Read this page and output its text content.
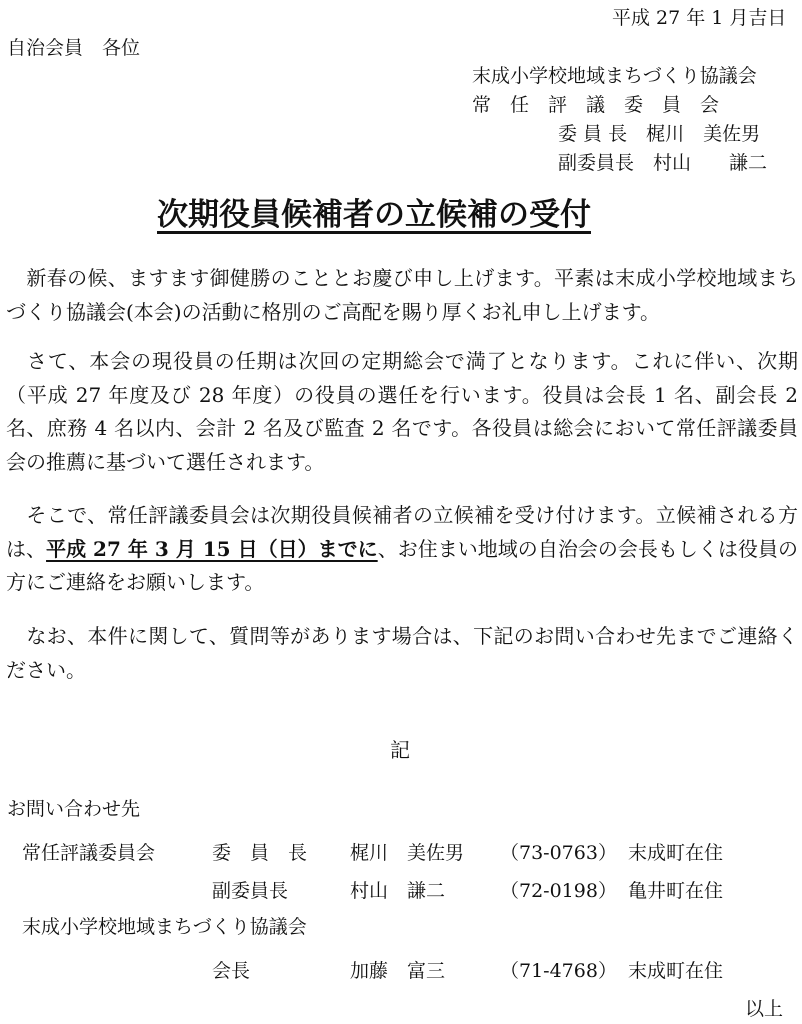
平成 27 年 1 月吉日
自治会員　各位
末成小学校地域まちづくり協議会
常　任　評　議　委　員　会
委 員 長　梶川　美佐男
副委員長　村山　　謙二
次期役員候補者の立候補の受付
　新春の候、ますます御健勝のこととお慶び申し上げます。平素は末成小学校地域まちづくり協議会(本会)の活動に格別のご高配を賜り厚くお礼申し上げます。
　さて、本会の現役員の任期は次回の定期総会で満了となります。これに伴い、次期（平成 27 年度及び 28 年度）の役員の選任を行います。役員は会長 1 名、副会長 2 名、庶務 4 名以内、会計 2 名及び監査 2 名です。各役員は総会において常任評議委員会の推薦に基づいて選任されます。
　そこで、常任評議委員会は次期役員候補者の立候補を受け付けます。立候補される方は、平成 27 年 3 月 15 日（日）までに、お住まい地域の自治会の会長もしくは役員の方にご連絡をお願いします。
　なお、本件に関して、質問等があります場合は、下記のお問い合わせ先までご連絡ください。
記
お問い合わせ先
常任評議委員会	委　員　長 梶川　美佐男 （73-0763） 末成町在住
副委員長	村山　謙二	（72-0198） 亀井町在住
末成小学校地域まちづくり協議会
会長	加藤　富三	（71-4768） 末成町在住
以上
